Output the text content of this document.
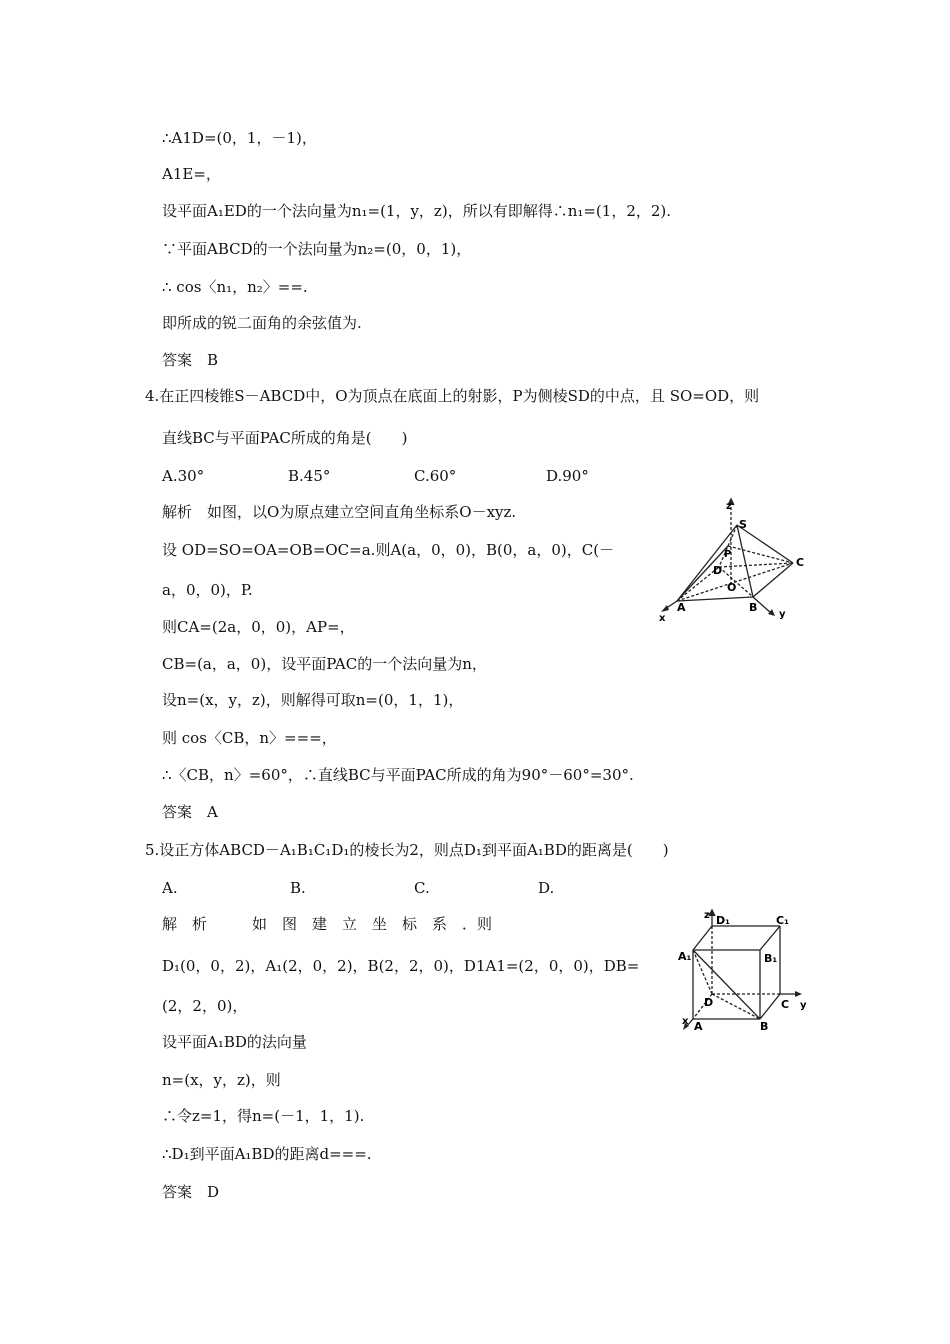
∴A1D=(0，1，－1)，
A1E=，
设平面A₁ED的一个法向量为n₁=(1，y，z)，所以有即解得∴n₁=(1，2，2).
∵平面ABCD的一个法向量为n₂=(0，0，1)，
∴ cos〈n₁，n₂〉==.
即所成的锐二面角的余弦值为.
答案　B
4.在正四棱锥S－ABCD中，O为顶点在底面上的射影，P为侧棱SD的中点，且 SO=OD，则
直线BC与平面PAC所成的角是(　　)
A.30°	B.45°	C.60°	D.90°
解析　如图，以O为原点建立空间直角坐标系O－xyz.
设 OD=SO=OA=OB=OC=a.则A(a，0，0)，B(0，a，0)，C(－
a，0，0)，P.
则CA=(2a，0，0)，AP=，
CB=(a，a，0)，设平面PAC的一个法向量为n，
设n=(x，y，z)，则解得可取n=(0，1，1)，
则 cos〈CB，n〉===，
∴〈CB，n〉=60°，∴直线BC与平面PAC所成的角为90°－60°=30°.
答案　A
z
S
P
D
C
O
A	B
x	y
5.设正方体ABCD－A₁B₁C₁D₁的棱长为2，则点D₁到平面A₁BD的距离是(　　)
A.	B.	C.	D.
解　析　　　如　图　建　立　坐　标　系　．则
D₁(0，0，2)，A₁(2，0，2)，B(2，2，0)，D1A1=(2，0，0)，DB=
(2，2，0)，
设平面A₁BD的法向量
n=(x，y，z)，则
∴令z=1，得n=(－1，1，1).
∴D₁到平面A₁BD的距离d===.
答案　D
z D₁	C₁
A₁	B₁
D	C y
x A	B
